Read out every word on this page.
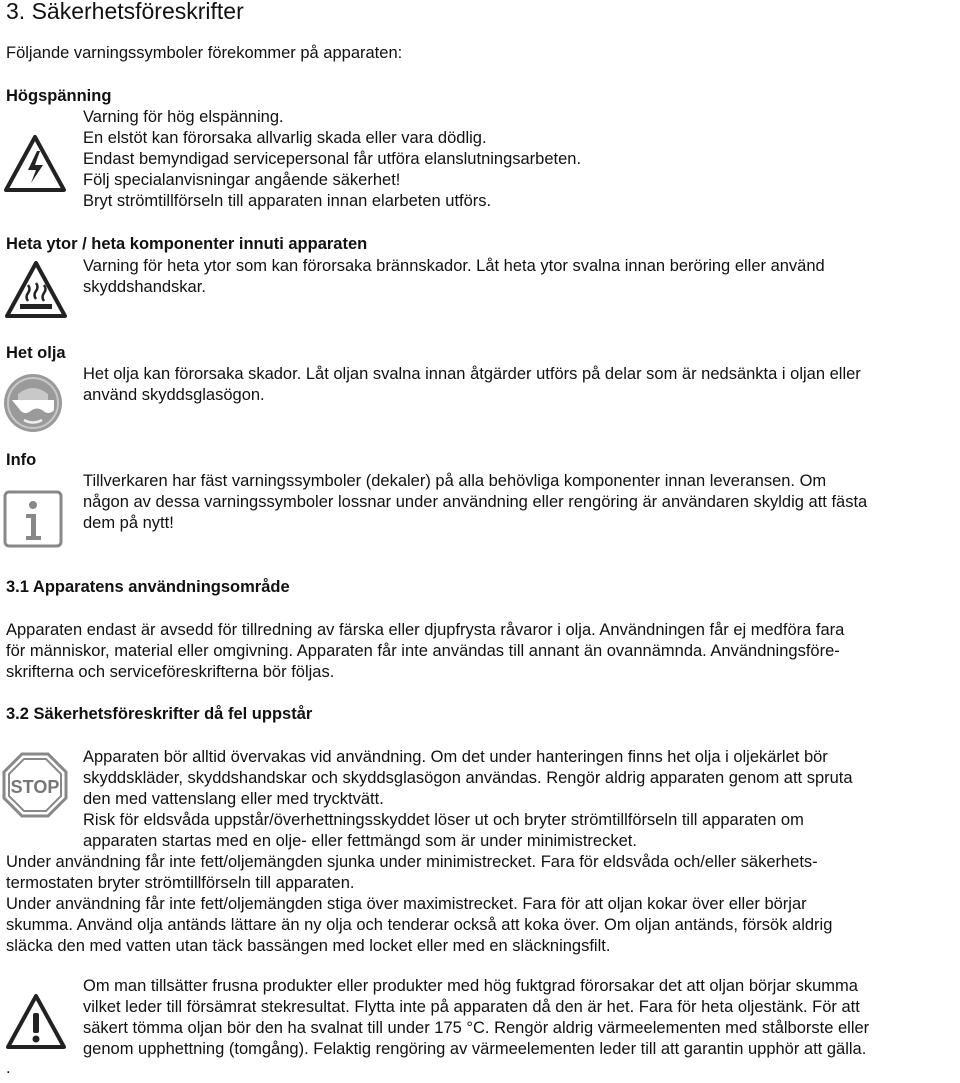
3. Säkerhetsföreskrifter
Följande varningssymboler förekommer på apparaten:
Högspänning
Varning för hög elspänning.
En elstöt kan förorsaka allvarlig skada eller vara dödlig.
Endast bemyndigad servicepersonal får utföra elanslutningsarbeten.
Följ specialanvisningar angående säkerhet!
Bryt strömtillförseln till apparaten innan elarbeten utförs.
Heta ytor / heta komponenter innuti apparaten
Varning för heta ytor som kan förorsaka brännskador. Låt heta ytor svalna innan beröring eller använd
skyddshandskar.
Het olja
Het olja kan förorsaka skador. Låt oljan svalna innan åtgärder utförs på delar som är nedsänkta i oljan eller
använd skyddsglasögon.
Info
Tillverkaren har fäst varningssymboler (dekaler) på alla behövliga komponenter innan leveransen. Om
någon av dessa varningssymboler lossnar under användning eller rengöring är användaren skyldig att fästa
dem på nytt!
3.1 Apparatens användningsområde
Apparaten endast är avsedd för tillredning av färska eller djupfrysta råvaror i olja. Användningen får ej medföra fara
för människor, material eller omgivning. Apparaten får inte användas till annant än ovannämnda. Användningsföre-
skrifterna och serviceföreskrifterna bör följas.
3.2 Säkerhetsföreskrifter då fel uppstår
STOP
Apparaten bör alltid övervakas vid användning. Om det under hanteringen finns het olja i oljekärlet bör
skyddskläder, skyddshandskar och skyddsglasögon användas. Rengör aldrig apparaten genom att spruta
den med vattenslang eller med trycktvätt.
Risk för eldsvåda uppstår/överhettningsskyddet löser ut och bryter strömtillförseln till apparaten om
apparaten startas med en olje- eller fettmängd som är under minimistrecket.
Under användning får inte fett/oljemängden sjunka under minimistrecket. Fara för eldsvåda och/eller säkerhets-
termostaten bryter strömtillförseln till apparaten.
Under användning får inte fett/oljemängden stiga över maximistrecket. Fara för att oljan kokar över eller börjar
skumma. Använd olja antänds lättare än ny olja och tenderar också att koka över. Om oljan antänds, försök aldrig
släcka den med vatten utan täck bassängen med locket eller med en släckningsfilt.
Om man tillsätter frusna produkter eller produkter med hög fuktgrad förorsakar det att oljan börjar skumma
vilket leder till försämrat stekresultat. Flytta inte på apparaten då den är het. Fara för heta oljestänk. För att
säkert tömma oljan bör den ha svalnat till under 175 °C. Rengör aldrig värmeelementen med stålborste eller
genom upphettning (tomgång). Felaktig rengöring av värmeelementen leder till att garantin upphör att gälla.
.
